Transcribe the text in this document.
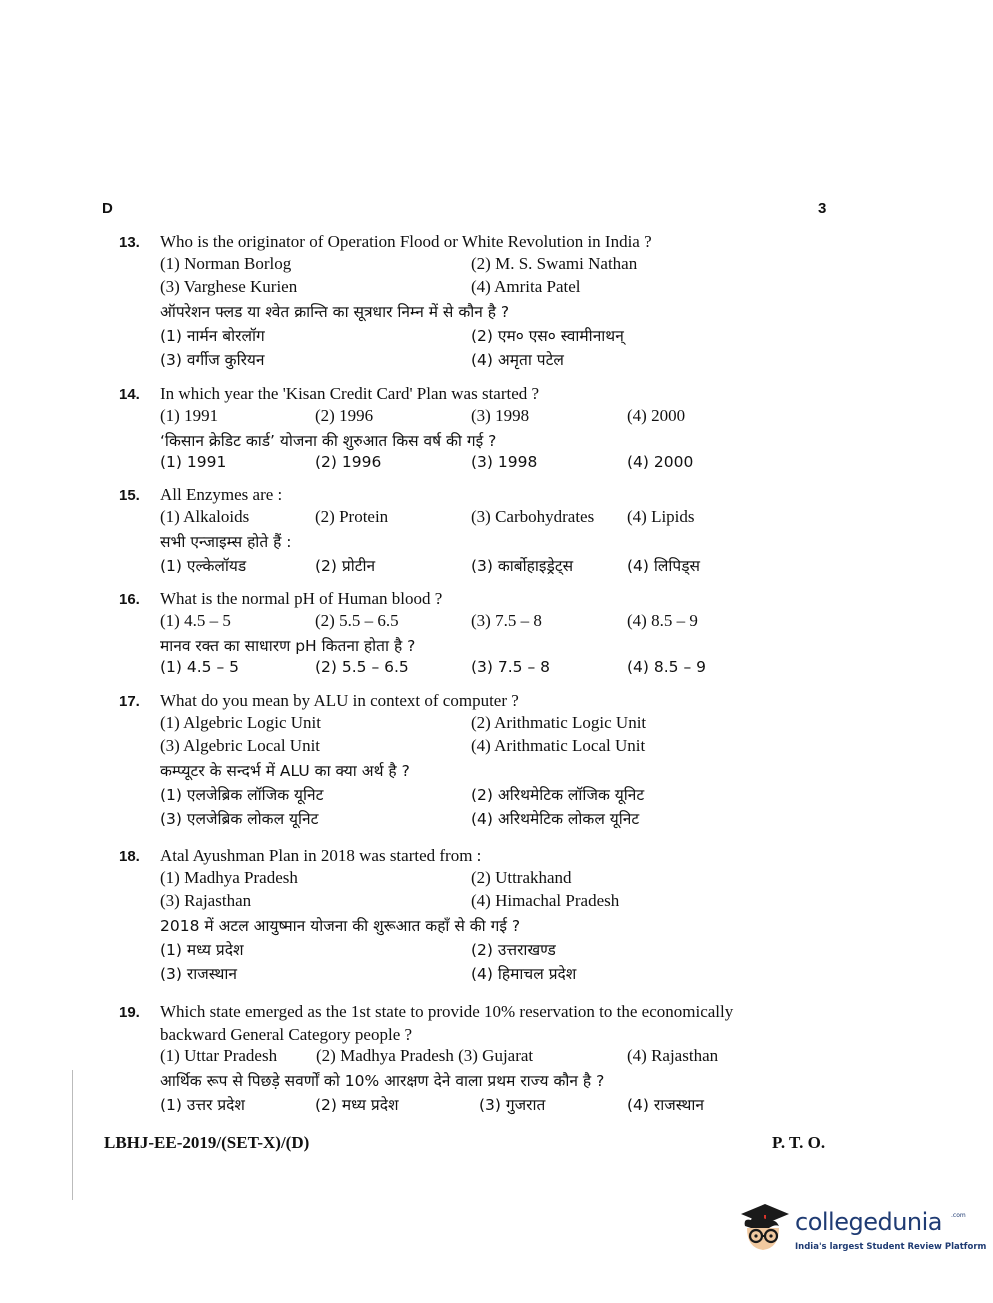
D	3
13.	Who is the originator of Operation Flood or White Revolution in India ?
(1) Norman Borlog	(2) M. S. Swami Nathan
(3) Varghese Kurien	(4) Amrita Patel
ऑपरेशन फ्लड या श्वेत क्रान्ति का सूत्रधार निम्न में से कौन है ?
(1) नार्मन बोरलॉग	(2) एम० एस० स्वामीनाथन्
(3) वर्गीज कुरियन	(4) अमृता पटेल
14.	In which year the 'Kisan Credit Card' Plan was started ?
(1) 1991	(2) 1996	(3) 1998	(4) 2000
‘किसान क्रेडिट कार्ड’ योजना की शुरुआत किस वर्ष की गई ?
(1) 1991	(2) 1996	(3) 1998	(4) 2000
15.	All Enzymes are :
(1) Alkaloids	(2) Protein	(3) Carbohydrates (4) Lipids
सभी एन्जाइम्स होते हैं :
(1) एल्केलॉयड	(2) प्रोटीन	(3) कार्बोहाइड्रेट्स	(4) लिपिड्स
16.	What is the normal pH of Human blood ?
(1) 4.5 – 5	(2) 5.5 – 6.5	(3) 7.5 – 8	(4) 8.5 – 9
मानव रक्त का साधारण pH कितना होता है ?
(1) 4.5 – 5	(2) 5.5 – 6.5	(3) 7.5 – 8	(4) 8.5 – 9
17.	What do you mean by ALU in context of computer ?
(1) Algebric Logic Unit	(2) Arithmatic Logic Unit
(3) Algebric Local Unit	(4) Arithmatic Local Unit
कम्प्यूटर के सन्दर्भ में ALU का क्या अर्थ है ?
(1) एलजेब्रिक लॉजिक यूनिट	(2) अरिथमेटिक लॉजिक यूनिट
(3) एलजेब्रिक लोकल यूनिट	(4) अरिथमेटिक लोकल यूनिट
18.	Atal Ayushman Plan in 2018 was started from :
(1) Madhya Pradesh	(2) Uttrakhand
(3) Rajasthan	(4) Himachal Pradesh
2018 में अटल आयुष्मान योजना की शुरूआत कहाँ से की गई ?
(1) मध्य प्रदेश	(2) उत्तराखण्ड
(3) राजस्थान	(4) हिमाचल प्रदेश
19.	Which state emerged as the 1st state to provide 10% reservation to the economically
backward General Category people ?
(1) Uttar Pradesh (2) Madhya Pradesh (3) Gujarat	(4) Rajasthan
आर्थिक रूप से पिछड़े सवर्णों को 10% आरक्षण देने वाला प्रथम राज्य कौन है ?
(1) उत्तर प्रदेश	(2) मध्य प्रदेश	(3) गुजरात	(4) राजस्थान
LBHJ-EE-2019/(SET-X)/(D)	P. T. O.
collegedunia .com
India's largest Student Review Platform
